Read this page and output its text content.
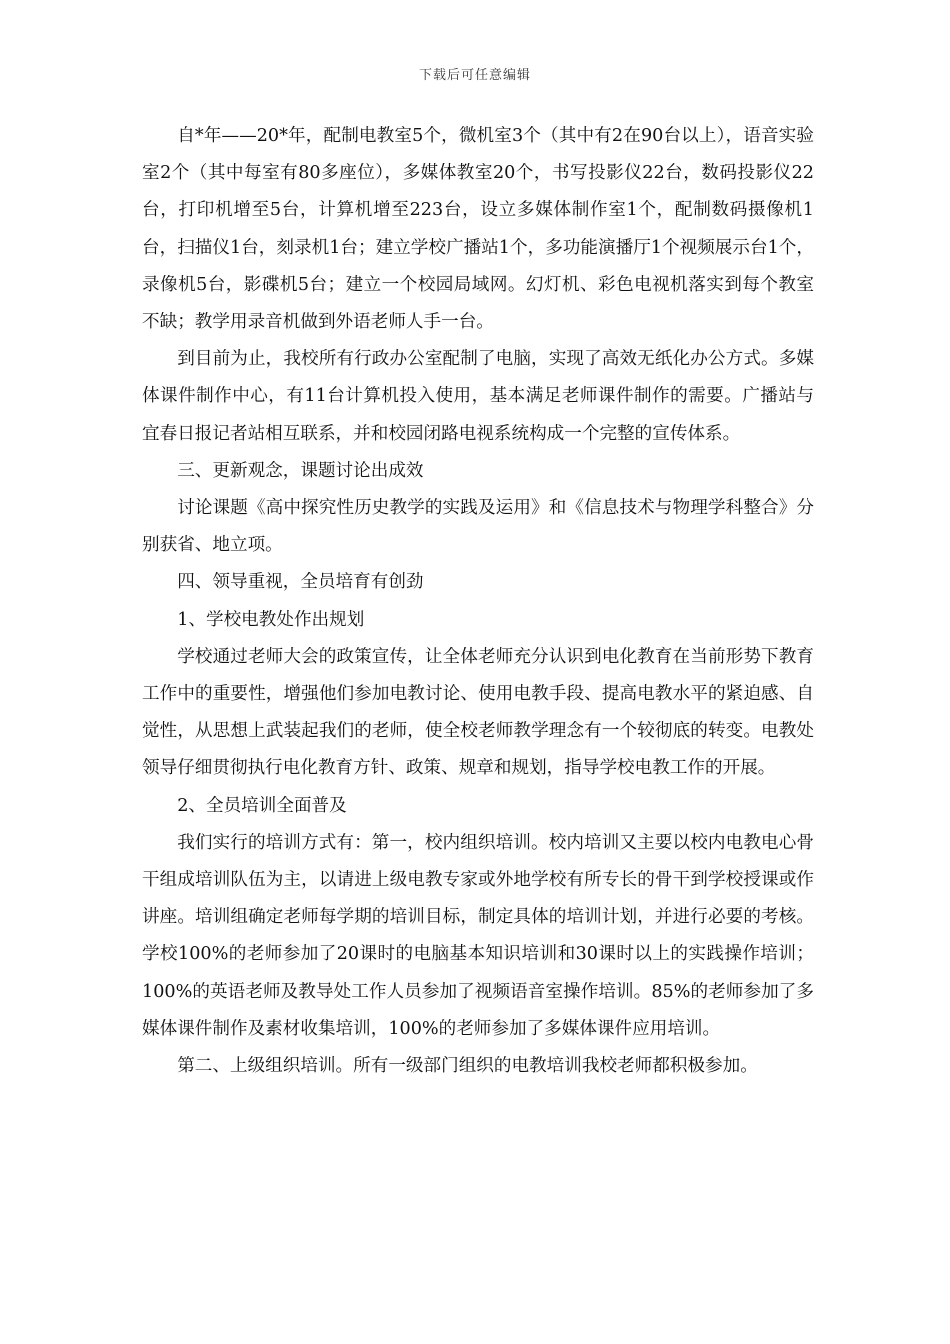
下载后可任意编辑

自*年——20*年，配制电教室5个，微机室3个（其中有2在90台以上），语音实验室2个（其中每室有80多座位），多媒体教室20个，书写投影仪22台，数码投影仪22台，打印机增至5台，计算机增至223台，设立多媒体制作室1个，配制数码摄像机1台，扫描仪1台，刻录机1台；建立学校广播站1个，多功能演播厅1个视频展示台1个，录像机5台，影碟机5台；建立一个校园局域网。幻灯机、彩色电视机落实到每个教室不缺；教学用录音机做到外语老师人手一台。

到目前为止，我校所有行政办公室配制了电脑，实现了高效无纸化办公方式。多媒体课件制作中心，有11台计算机投入使用，基本满足老师课件制作的需要。广播站与宜春日报记者站相互联系，并和校园闭路电视系统构成一个完整的宣传体系。

三、更新观念，课题讨论出成效

讨论课题《高中探究性历史教学的实践及运用》和《信息技术与物理学科整合》分别获省、地立项。

四、领导重视，全员培育有创劲

1、学校电教处作出规划

学校通过老师大会的政策宣传，让全体老师充分认识到电化教育在当前形势下教育工作中的重要性，增强他们参加电教讨论、使用电教手段、提高电教水平的紧迫感、自觉性，从思想上武装起我们的老师，使全校老师教学理念有一个较彻底的转变。电教处领导仔细贯彻执行电化教育方针、政策、规章和规划，指导学校电教工作的开展。

2、全员培训全面普及

我们实行的培训方式有：第一，校内组织培训。校内培训又主要以校内电教电心骨干组成培训队伍为主，以请进上级电教专家或外地学校有所专长的骨干到学校授课或作讲座。培训组确定老师每学期的培训目标，制定具体的培训计划，并进行必要的考核。学校100%的老师参加了20课时的电脑基本知识培训和30课时以上的实践操作培训；100%的英语老师及教导处工作人员参加了视频语音室操作培训。85%的老师参加了多媒体课件制作及素材收集培训，100%的老师参加了多媒体课件应用培训。

第二、上级组织培训。所有一级部门组织的电教培训我校老师都积极参加。
